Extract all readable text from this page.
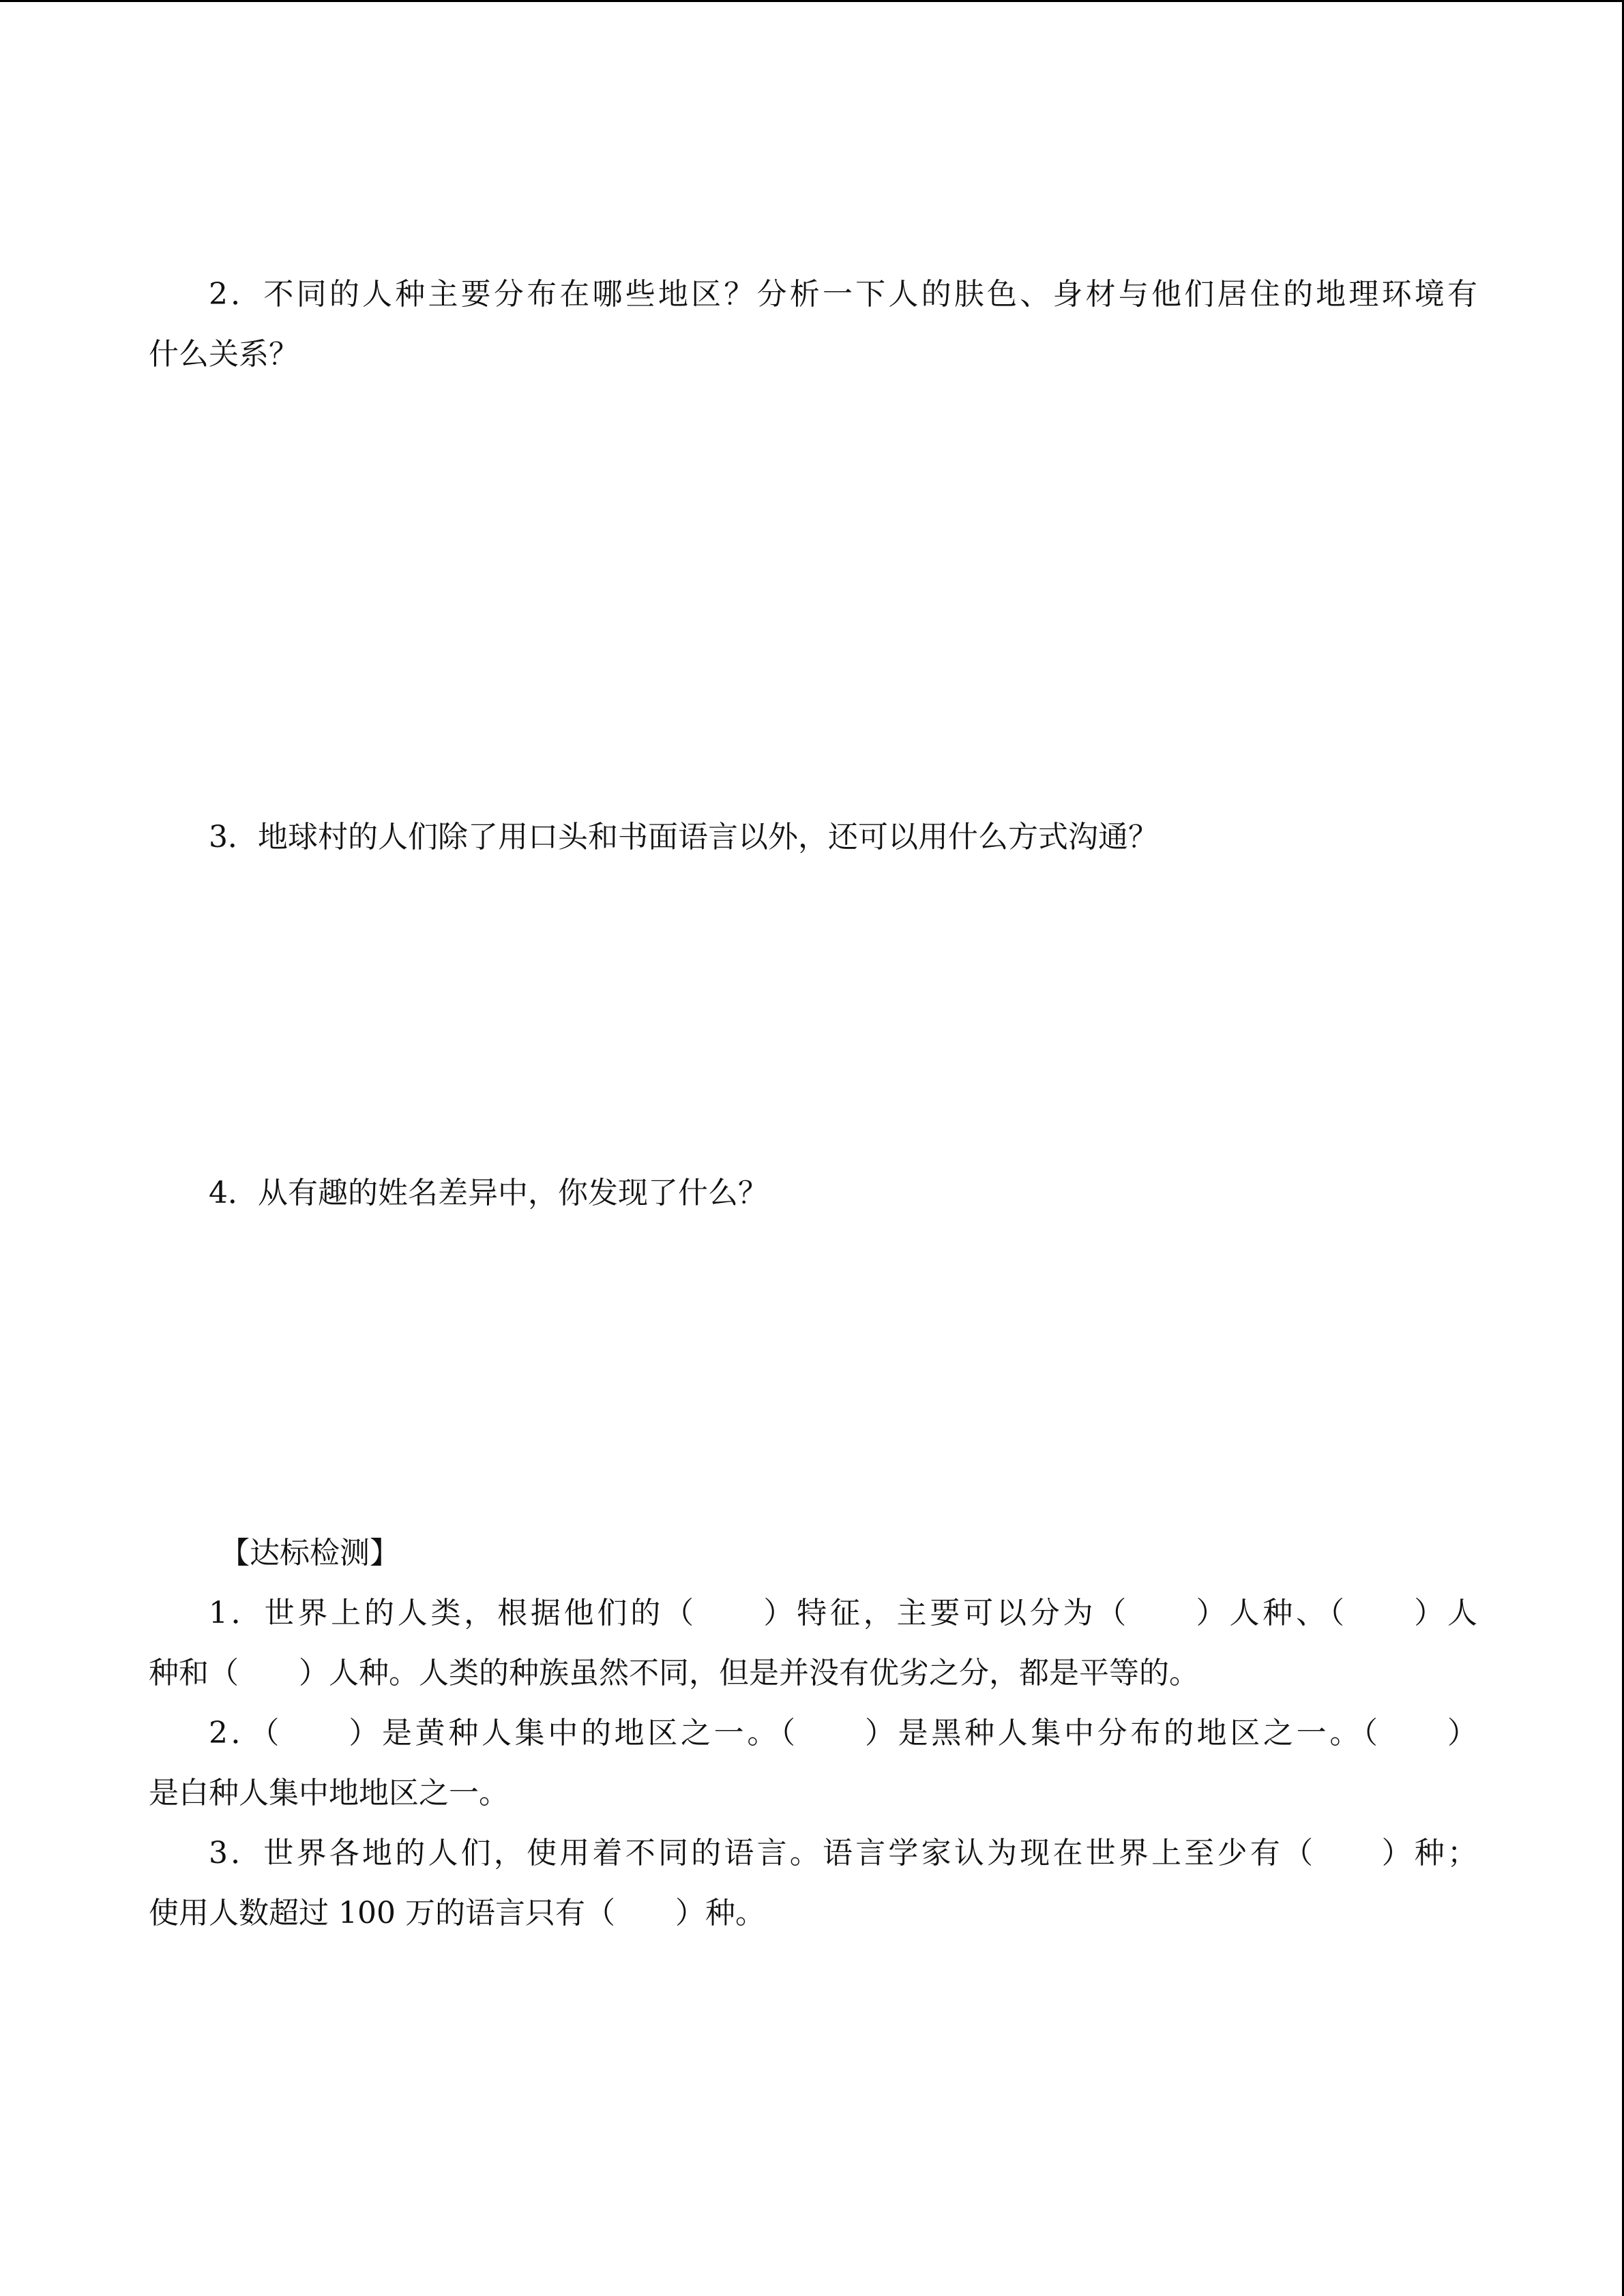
2．不同的人种主要分布在哪些地区？分析一下人的肤色、身材与他们居住的地理环境有
什么关系？
3．地球村的人们除了用口头和书面语言以外，还可以用什么方式沟通？
4．从有趣的姓名差异中，你发现了什么？
【达标检测】
1．世界上的人类，根据他们的（　　）特征，主要可以分为（　　）人种、（　　）人
种和（　　）人种。人类的种族虽然不同，但是并没有优劣之分，都是平等的。
2．（　　）是黄种人集中的地区之一。（　　）是黑种人集中分布的地区之一。（　　）
是白种人集中地地区之一。
3．世界各地的人们，使用着不同的语言。语言学家认为现在世界上至少有（　　）种；
使用人数超过 100 万的语言只有（　　）种。
